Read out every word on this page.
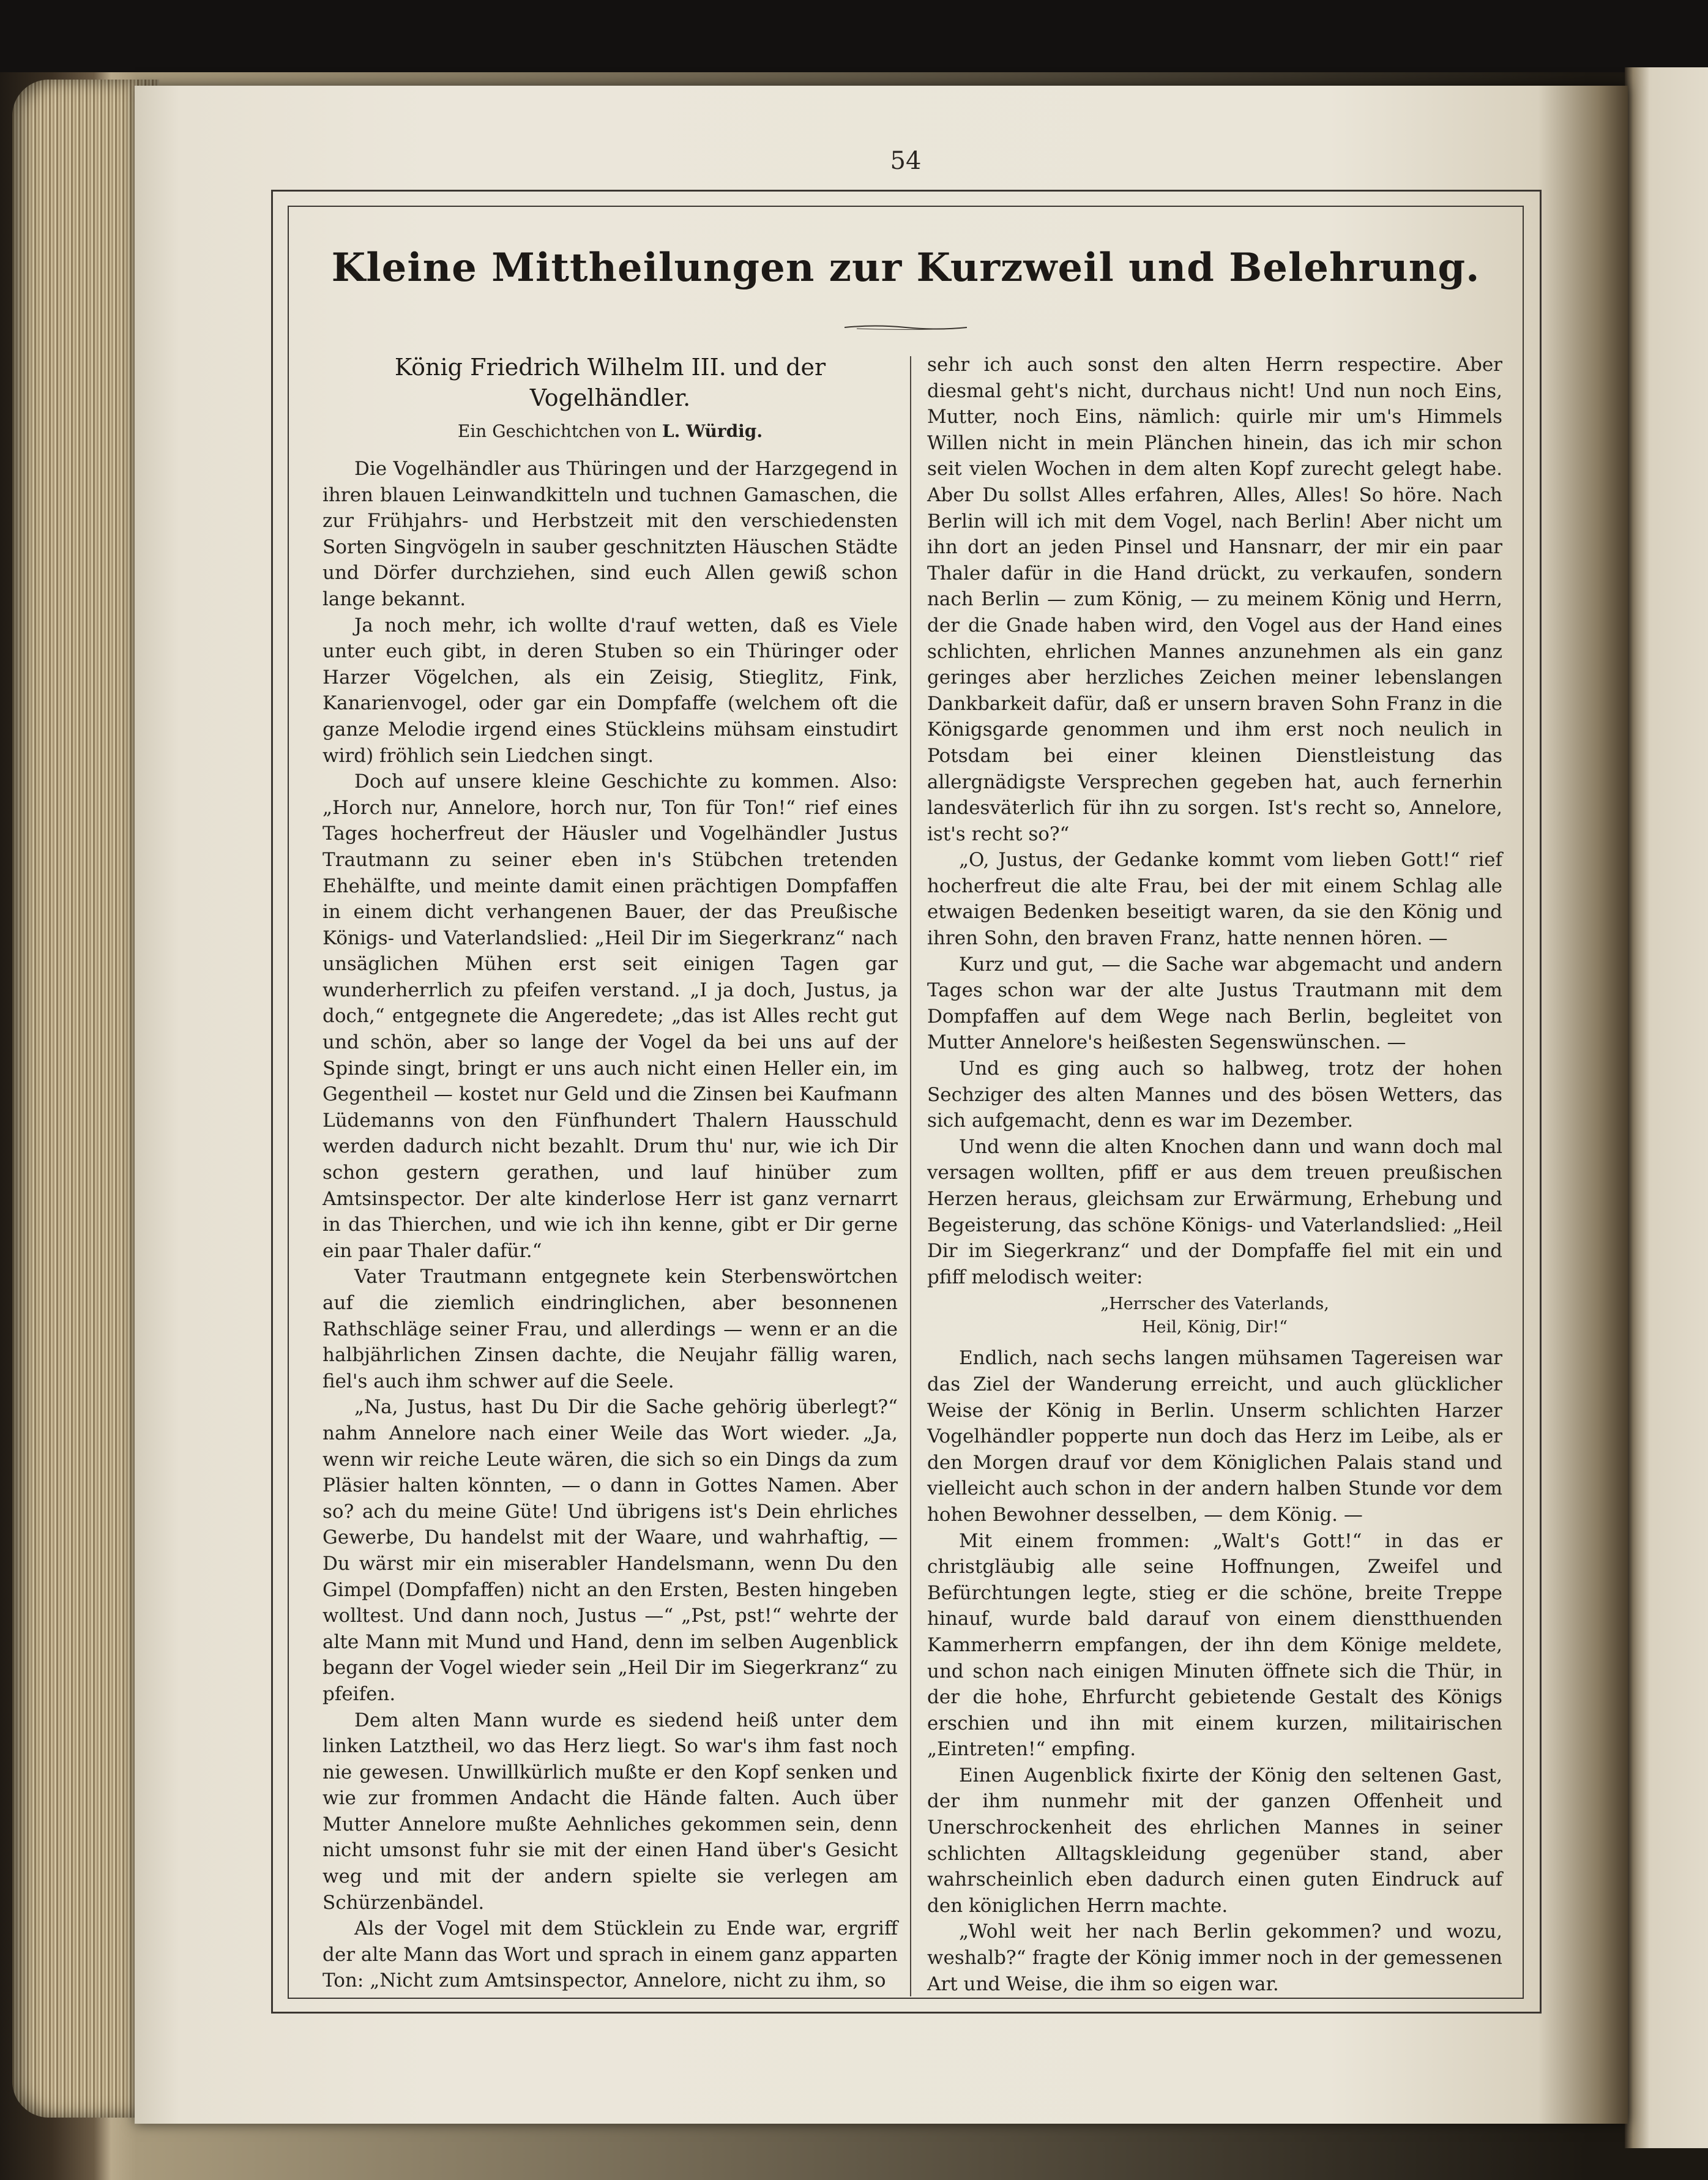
54
Kleine Mittheilungen zur Kurzweil und Belehrung.
König Friedrich Wilhelm III. und der Vogelhändler.
Ein Geschichtchen von L. Würdig.

Die Vogelhändler aus Thüringen und der Harzgegend in ihren blauen Leinwandkitteln und tuchnen Gamaschen, die zur Frühjahrs- und Herbstzeit mit den verschiedensten Sorten Singvögeln in sauber geschnitzten Häuschen Städte und Dörfer durchziehen, sind euch Allen gewiß schon lange bekannt.

Ja noch mehr, ich wollte d'rauf wetten, daß es Viele unter euch gibt, in deren Stuben so ein Thüringer oder Harzer Vögelchen, als ein Zeisig, Stieglitz, Fink, Kanarienvogel, oder gar ein Dompfaffe (welchem oft die ganze Melodie irgend eines Stückleins mühsam einstudirt wird) fröhlich sein Liedchen singt.

Doch auf unsere kleine Geschichte zu kommen. Also: „Horch nur, Annelore, horch nur, Ton für Ton!“ rief eines Tages hocherfreut der Häusler und Vogelhändler Justus Trautmann zu seiner eben in's Stübchen tretenden Ehehälfte, und meinte damit einen prächtigen Dompfaffen in einem dicht verhangenen Bauer, der das Preußische Königs- und Vaterlandslied: „Heil Dir im Siegerkranz“ nach unsäglichen Mühen erst seit einigen Tagen gar wunderherrlich zu pfeifen verstand. „I ja doch, Justus, ja doch,“ entgegnete die Angeredete; „das ist Alles recht gut und schön, aber so lange der Vogel da bei uns auf der Spinde singt, bringt er uns auch nicht einen Heller ein, im Gegentheil — kostet nur Geld und die Zinsen bei Kaufmann Lüdemanns von den Fünfhundert Thalern Hausschuld werden dadurch nicht bezahlt. Drum thu' nur, wie ich Dir schon gestern gerathen, und lauf hinüber zum Amtsinspector. Der alte kinderlose Herr ist ganz vernarrt in das Thierchen, und wie ich ihn kenne, gibt er Dir gerne ein paar Thaler dafür.“

Vater Trautmann entgegnete kein Sterbenswörtchen auf die ziemlich eindringlichen, aber besonnenen Rathschläge seiner Frau, und allerdings — wenn er an die halbjährlichen Zinsen dachte, die Neujahr fällig waren, fiel's auch ihm schwer auf die Seele.

„Na, Justus, hast Du Dir die Sache gehörig überlegt?“ nahm Annelore nach einer Weile das Wort wieder. „Ja, wenn wir reiche Leute wären, die sich so ein Dings da zum Pläsier halten könnten, — o dann in Gottes Namen. Aber so? ach du meine Güte! Und übrigens ist's Dein ehrliches Gewerbe, Du handelst mit der Waare, und wahrhaftig, — Du wärst mir ein miserabler Handelsmann, wenn Du den Gimpel (Dompfaffen) nicht an den Ersten, Besten hingeben wolltest. Und dann noch, Justus —“ „Pst, pst!“ wehrte der alte Mann mit Mund und Hand, denn im selben Augenblick begann der Vogel wieder sein „Heil Dir im Siegerkranz“ zu pfeifen.

Dem alten Mann wurde es siedend heiß unter dem linken Latztheil, wo das Herz liegt. So war's ihm fast noch nie gewesen. Unwillkürlich mußte er den Kopf senken und wie zur frommen Andacht die Hände falten. Auch über Mutter Annelore mußte Aehnliches gekommen sein, denn nicht umsonst fuhr sie mit der einen Hand über's Gesicht weg und mit der andern spielte sie verlegen am Schürzenbändel.

Als der Vogel mit dem Stücklein zu Ende war, ergriff der alte Mann das Wort und sprach in einem ganz apparten Ton: „Nicht zum Amtsinspector, Annelore, nicht zu ihm, so

sehr ich auch sonst den alten Herrn respectire. Aber diesmal geht's nicht, durchaus nicht! Und nun noch Eins, Mutter, noch Eins, nämlich: quirle mir um's Himmels Willen nicht in mein Plänchen hinein, das ich mir schon seit vielen Wochen in dem alten Kopf zurecht gelegt habe. Aber Du sollst Alles erfahren, Alles, Alles! So höre. Nach Berlin will ich mit dem Vogel, nach Berlin! Aber nicht um ihn dort an jeden Pinsel und Hansnarr, der mir ein paar Thaler dafür in die Hand drückt, zu verkaufen, sondern nach Berlin — zum König, — zu meinem König und Herrn, der die Gnade haben wird, den Vogel aus der Hand eines schlichten, ehrlichen Mannes anzunehmen als ein ganz geringes aber herzliches Zeichen meiner lebenslangen Dankbarkeit dafür, daß er unsern braven Sohn Franz in die Königsgarde genommen und ihm erst noch neulich in Potsdam bei einer kleinen Dienstleistung das allergnädigste Versprechen gegeben hat, auch fernerhin landesväterlich für ihn zu sorgen. Ist's recht so, Annelore, ist's recht so?“

„O, Justus, der Gedanke kommt vom lieben Gott!“ rief hocherfreut die alte Frau, bei der mit einem Schlag alle etwaigen Bedenken beseitigt waren, da sie den König und ihren Sohn, den braven Franz, hatte nennen hören. —

Kurz und gut, — die Sache war abgemacht und andern Tages schon war der alte Justus Trautmann mit dem Dompfaffen auf dem Wege nach Berlin, begleitet von Mutter Annelore's heißesten Segenswünschen. —

Und es ging auch so halbweg, trotz der hohen Sechziger des alten Mannes und des bösen Wetters, das sich aufgemacht, denn es war im Dezember.

Und wenn die alten Knochen dann und wann doch mal versagen wollten, pfiff er aus dem treuen preußischen Herzen heraus, gleichsam zur Erwärmung, Erhebung und Begeisterung, das schöne Königs- und Vaterlandslied: „Heil Dir im Siegerkranz“ und der Dompfaffe fiel mit ein und pfiff melodisch weiter:

„Herrscher des Vaterlands,
Heil, König, Dir!“

Endlich, nach sechs langen mühsamen Tagereisen war das Ziel der Wanderung erreicht, und auch glücklicher Weise der König in Berlin. Unserm schlichten Harzer Vogelhändler popperte nun doch das Herz im Leibe, als er den Morgen drauf vor dem Königlichen Palais stand und vielleicht auch schon in der andern halben Stunde vor dem hohen Bewohner desselben, — dem König. —

Mit einem frommen: „Walt's Gott!“ in das er christgläubig alle seine Hoffnungen, Zweifel und Befürchtungen legte, stieg er die schöne, breite Treppe hinauf, wurde bald darauf von einem dienstthuenden Kammerherrn empfangen, der ihn dem Könige meldete, und schon nach einigen Minuten öffnete sich die Thür, in der die hohe, Ehrfurcht gebietende Gestalt des Königs erschien und ihn mit einem kurzen, militairischen „Eintreten!“ empfing.

Einen Augenblick fixirte der König den seltenen Gast, der ihm nunmehr mit der ganzen Offenheit und Unerschrockenheit des ehrlichen Mannes in seiner schlichten Alltagskleidung gegenüber stand, aber wahrscheinlich eben dadurch einen guten Eindruck auf den königlichen Herrn machte.

„Wohl weit her nach Berlin gekommen? und wozu, weshalb?“ fragte der König immer noch in der gemessenen Art und Weise, die ihm so eigen war.
